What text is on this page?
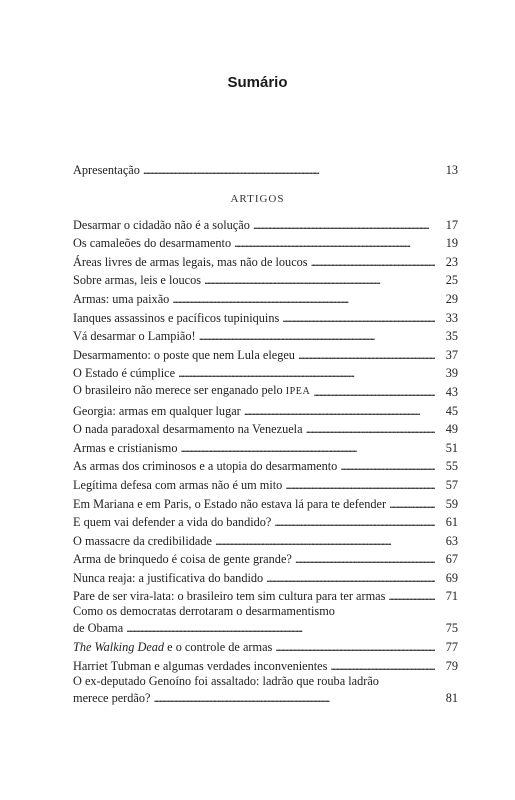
Sumário
Apresentação . . .	13
ARTIGOS
Desarmar o cidadão não é a solução . . .	17
Os camaleões do desarmamento . . .	19
Áreas livres de armas legais, mas não de loucos . . .	23
Sobre armas, leis e loucos . . .	25
Armas: uma paixão . . .	29
Ianques assassinos e pacíficos tupiniquins . . .	33
Vá desarmar o Lampião! . . .	35
Desarmamento: o poste que nem Lula elegeu . . .	37
O Estado é cúmplice . . .	39
O brasileiro não merece ser enganado pelo IPEA . . .	43
Georgia: armas em qualquer lugar . . .	45
O nada paradoxal desarmamento na Venezuela . . .	49
Armas e cristianismo . . .	51
As armas dos criminosos e a utopia do desarmamento . . .	55
Legítima defesa com armas não é um mito . . .	57
Em Mariana e em Paris, o Estado não estava lá para te defender . . .	59
E quem vai defender a vida do bandido? . . .	61
O massacre da credibilidade . . .	63
Arma de brinquedo é coisa de gente grande? . . .	67
Nunca reaja: a justificativa do bandido . . .	69
Pare de ser vira-lata: o brasileiro tem sim cultura para ter armas . . .	71
Como os democratas derrotaram o desarmamentismo
de Obama . . .	75
The Walking Dead e o controle de armas . . .	77
Harriet Tubman e algumas verdades inconvenientes . . .	79
O ex-deputado Genoíno foi assaltado: ladrão que rouba ladrão
merece perdão? . . .	81
